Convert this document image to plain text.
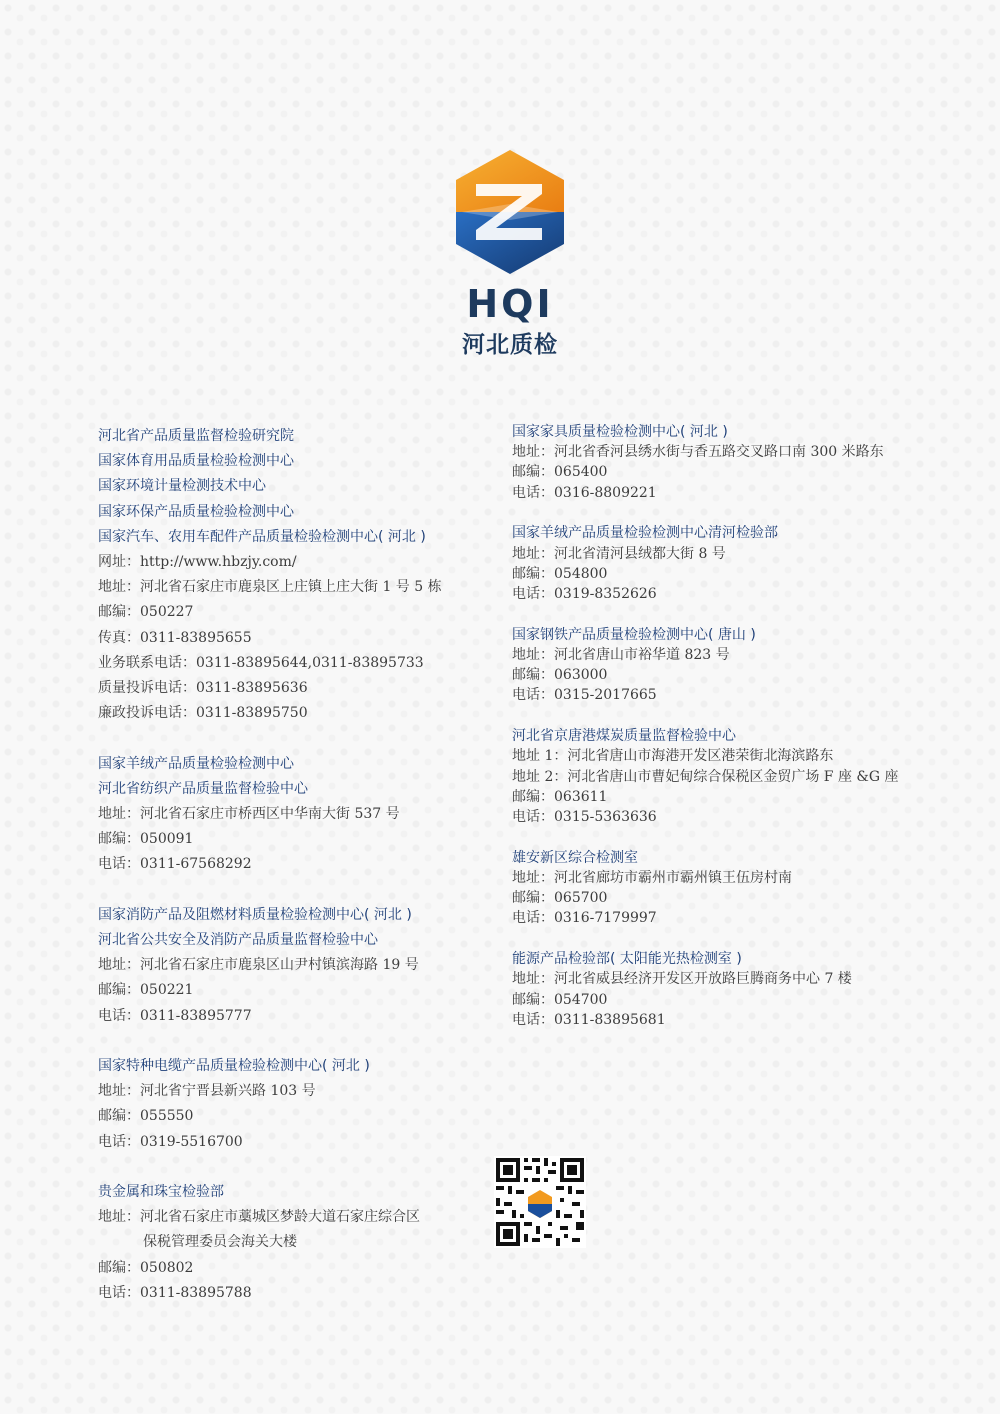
HQI
河北质检
河北省产品质量监督检验研究院
国家体育用品质量检验检测中心
国家环境计量检测技术中心
国家环保产品质量检验检测中心
国家汽车、农用车配件产品质量检验检测中心( 河北 )
网址：http://www.hbzjy.com/
地址：河北省石家庄市鹿泉区上庄镇上庄大街 1 号 5 栋
邮编：050227
传真：0311-83895655
业务联系电话：0311-83895644,0311-83895733
质量投诉电话：0311-83895636
廉政投诉电话：0311-83895750
国家羊绒产品质量检验检测中心
河北省纺织产品质量监督检验中心
地址：河北省石家庄市桥西区中华南大街 537 号
邮编：050091
电话：0311-67568292
国家消防产品及阻燃材料质量检验检测中心( 河北 )
河北省公共安全及消防产品质量监督检验中心
地址：河北省石家庄市鹿泉区山尹村镇滨海路 19 号
邮编：050221
电话：0311-83895777
国家特种电缆产品质量检验检测中心( 河北 )
地址：河北省宁晋县新兴路 103 号
邮编：055550
电话：0319-5516700
贵金属和珠宝检验部
地址：河北省石家庄市藁城区梦龄大道石家庄综合区
保税管理委员会海关大楼
邮编：050802
电话：0311-83895788
国家家具质量检验检测中心( 河北 )
地址：河北省香河县绣水街与香五路交叉路口南 300 米路东
邮编：065400
电话：0316-8809221
国家羊绒产品质量检验检测中心清河检验部
地址：河北省清河县绒都大街 8 号
邮编：054800
电话：0319-8352626
国家钢铁产品质量检验检测中心( 唐山 )
地址：河北省唐山市裕华道 823 号
邮编：063000
电话：0315-2017665
河北省京唐港煤炭质量监督检验中心
地址 1：河北省唐山市海港开发区港荣街北海滨路东
地址 2：河北省唐山市曹妃甸综合保税区金贸广场 F 座 &G 座
邮编：063611
电话：0315-5363636
雄安新区综合检测室
地址：河北省廊坊市霸州市霸州镇王伍房村南
邮编：065700
电话：0316-7179997
能源产品检验部( 太阳能光热检测室 )
地址：河北省威县经济开发区开放路巨腾商务中心 7 楼
邮编：054700
电话：0311-83895681
